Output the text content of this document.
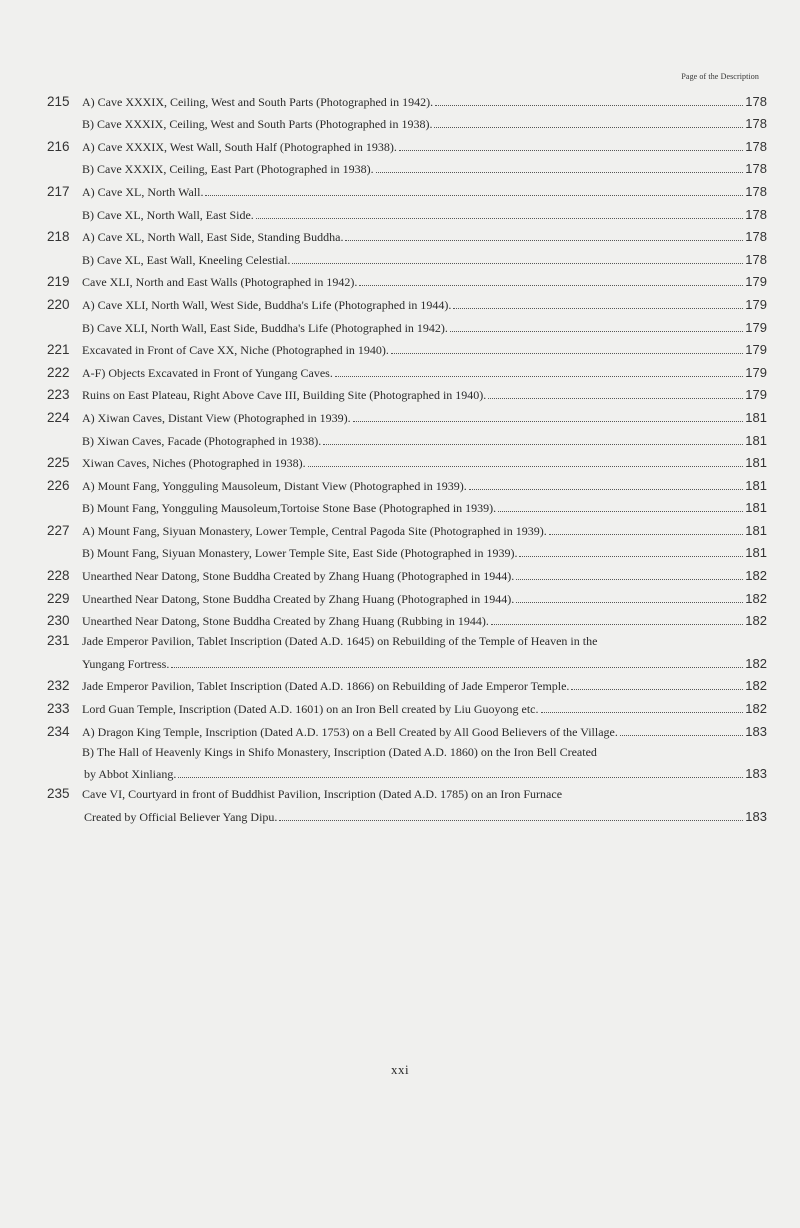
Page of the Description
215 A) Cave XXXIX, Ceiling, West and South Parts (Photographed in 1942).	178
B) Cave XXXIX, Ceiling, West and South Parts (Photographed in 1938).	178
216 A) Cave XXXIX, West Wall, South Half (Photographed in 1938).	178
B) Cave XXXIX, Ceiling, East Part (Photographed in 1938).	178
217 A) Cave XL, North Wall.	178
B) Cave XL, North Wall, East Side.	178
218 A) Cave XL, North Wall, East Side, Standing Buddha.	178
B) Cave XL, East Wall, Kneeling Celestial.	178
219 Cave XLI, North and East Walls (Photographed in 1942).	179
220 A) Cave XLI, North Wall, West Side, Buddha's Life (Photographed in 1944).	179
B) Cave XLI, North Wall, East Side, Buddha's Life (Photographed in 1942).	179
221 Excavated in Front of Cave XX, Niche (Photographed in 1940).	179
222 A-F) Objects Excavated in Front of Yungang Caves.	179
223 Ruins on East Plateau, Right Above Cave III, Building Site (Photographed in 1940).	179
224 A) Xiwan Caves, Distant View (Photographed in 1939).	181
B) Xiwan Caves, Facade (Photographed in 1938).	181
225 Xiwan Caves, Niches (Photographed in 1938).	181
226 A) Mount Fang, Yongguling Mausoleum, Distant View (Photographed in 1939).	181
B) Mount Fang, Yongguling Mausoleum,Tortoise Stone Base (Photographed in 1939).	181
227 A) Mount Fang, Siyuan Monastery, Lower Temple, Central Pagoda Site (Photographed in 1939).	181
B) Mount Fang, Siyuan Monastery, Lower Temple Site, East Side (Photographed in 1939).	181
228 Unearthed Near Datong, Stone Buddha Created by Zhang Huang (Photographed in 1944).	182
229 Unearthed Near Datong, Stone Buddha Created by Zhang Huang (Photographed in 1944).	182
230 Unearthed Near Datong, Stone Buddha Created by Zhang Huang (Rubbing in 1944).	182
231 Jade Emperor Pavilion, Tablet Inscription (Dated A.D. 1645) on Rebuilding of the Temple of Heaven in the
Yungang Fortress.	182
232 Jade Emperor Pavilion, Tablet Inscription (Dated A.D. 1866) on Rebuilding of Jade Emperor Temple.	182
233 Lord Guan Temple, Inscription (Dated A.D. 1601) on an Iron Bell created by Liu Guoyong etc.	182
234 A) Dragon King Temple, Inscription (Dated A.D. 1753) on a Bell Created by All Good Believers of the Village.	183
B) The Hall of Heavenly Kings in Shifo Monastery, Inscription (Dated A.D. 1860) on the Iron Bell Created
by Abbot Xinliang.	183
235 Cave VI, Courtyard in front of Buddhist Pavilion, Inscription (Dated A.D. 1785) on an Iron Furnace
Created by Official Believer Yang Dipu.	183
xxi
